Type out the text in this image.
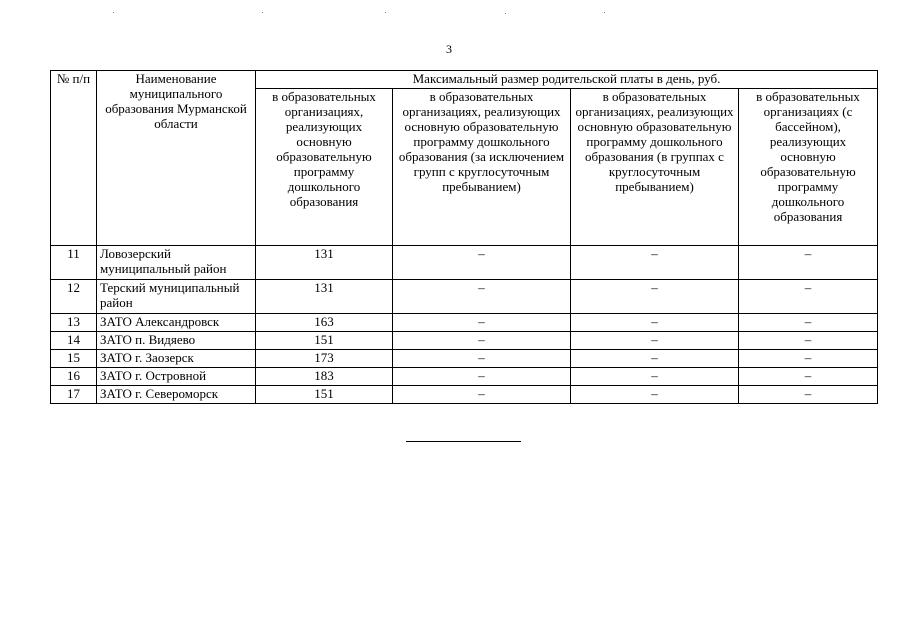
3
№ п/п	Наименование муниципального образования Мурманской области	Максимальный размер родительской платы в день, руб.			
		в образовательных организациях, реализующих основную образовательную программу дошкольного образования	в образовательных организациях, реализующих основную образовательную программу дошкольного образования (за исключением групп с круглосуточным пребыванием)	в образовательных организациях, реализующих основную образовательную программу дошкольного образования (в группах с круглосуточным пребыванием)	в образовательных организациях (с бассейном), реализующих основную образовательную программу дошкольного образования
11	Ловозерский муниципальный район	131	–	–	–
12	Терский муниципальный район	131	–	–	–
13	ЗАТО Александровск	163	–	–	–
14	ЗАТО п. Видяево	151	–	–	–
15	ЗАТО г. Заозерск	173	–	–	–
16	ЗАТО г. Островной	183	–	–	–
17	ЗАТО г. Североморск	151	–	–	–
